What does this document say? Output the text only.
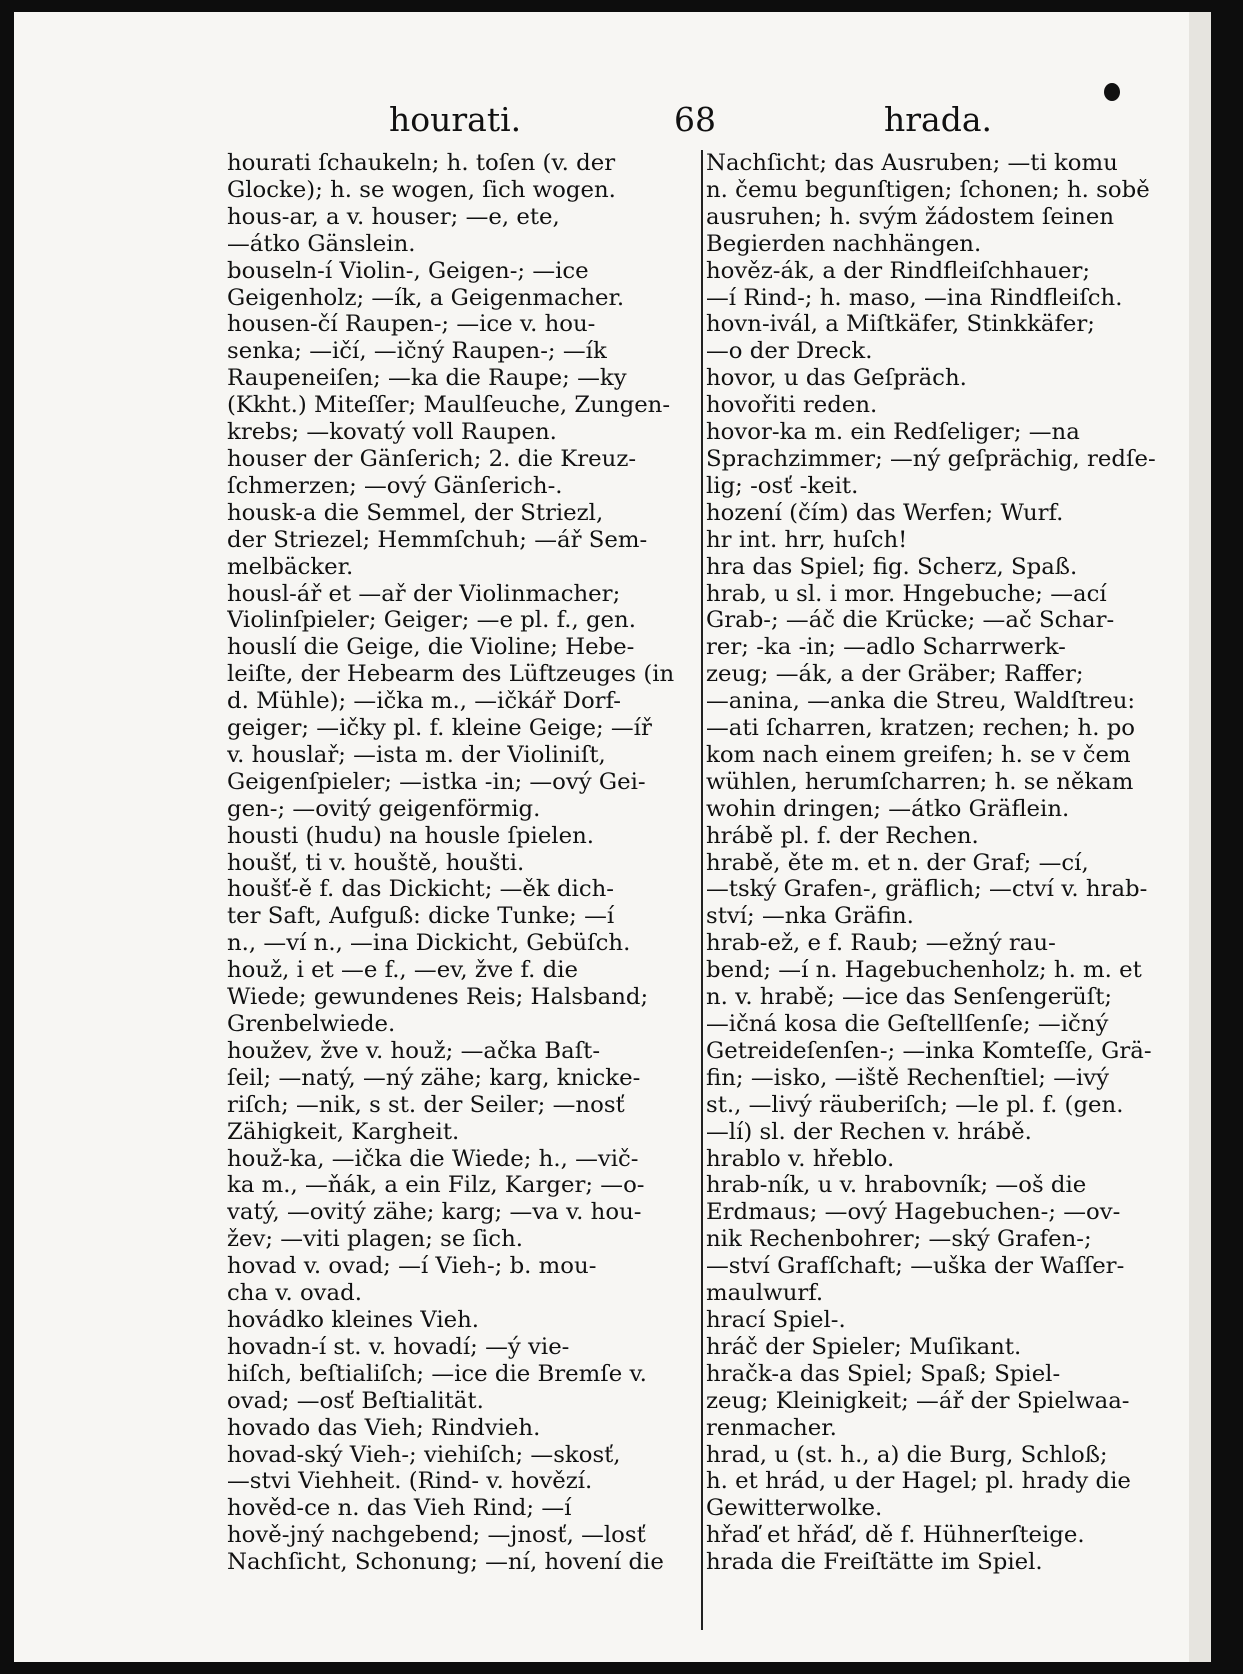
hourati.	68	hrada.
hourati ſchaukeln; h. toſen (v. der
Glocke); h. se wogen, ſich wogen.
hous-ar, a v. houser; —e, ete,
—átko Gänslein.
bouseln-í Violin-, Geigen-; —ice
Geigenholz; —ík, a Geigenmacher.
housen-čí Raupen-; —ice v. hou-
senka; —ičí, —ičný Raupen-; —ík
Raupeneiſen; —ka die Raupe; —ky
(Kkht.) Miteſſer; Maulſeuche, Zungen-
krebs; —kovatý voll Raupen.
houser der Gänſerich; 2. die Kreuz-
ſchmerzen; —ový Gänſerich-.
housk-a die Semmel, der Striezl,
der Striezel; Hemmſchuh; —ář Sem-
melbäcker.
housl-ář et —ař der Violinmacher;
Violinſpieler; Geiger; —e pl. f., gen.
houslí die Geige, die Violine; Hebe-
leiſte, der Hebearm des Lüftzeuges (in
d. Mühle); —ička m., —ičkář Dorf-
geiger; —ičky pl. f. kleine Geige; —íř
v. houslař; —ista m. der Violiniſt,
Geigenſpieler; —istka -in; —ový Gei-
gen-; —ovitý geigenförmig.
housti (hudu) na housle ſpielen.
houšť, ti v. houště, houšti.
houšť-ě f. das Dickicht; —ěk dich-
ter Saft, Aufguß: dicke Tunke; —í
n., —ví n., —ina Dickicht, Gebüſch.
houž, i et —e f., —ev, žve f. die
Wiede; gewundenes Reis; Halsband;
Grenbelwiede.
houžev, žve v. houž; —ačka Baſt-
ſeil; —natý, —ný zähe; karg, knicke-
riſch; —nik, s st. der Seiler; —nosť
Zähigkeit, Kargheit.
houž-ka, —ička die Wiede; h., —vič-
ka m., —ňák, a ein Filz, Karger; —o-
vatý, —ovitý zähe; karg; —va v. hou-
žev; —viti plagen; se ſich.
hovad v. ovad; —í Vieh-; b. mou-
cha v. ovad.
hovádko kleines Vieh.
hovadn-í st. v. hovadí; —ý vie-
hiſch, beſtialiſch; —ice die Bremſe v.
ovad; —osť Beſtialität.
hovado das Vieh; Rindvieh.
hovad-ský Vieh-; viehiſch; —skosť,
—stvi Viehheit. (Rind- v. hovězí.
hověd-ce n. das Vieh Rind; —í
hově-jný nachgebend; —jnosť, —losť
Nachſicht, Schonung; —ní, hovení die
Nachſicht; das Ausruben; —ti komu
n. čemu begunſtigen; ſchonen; h. sobě
ausruhen; h. svým žádostem ſeinen
Begierden nachhängen.
hověz-ák, a der Rindfleiſchhauer;
—í Rind-; h. maso, —ina Rindfleiſch.
hovn-ivál, a Miſtkäfer, Stinkkäfer;
—o der Dreck.
hovor, u das Geſpräch.
hovořiti reden.
hovor-ka m. ein Redſeliger; —na
Sprachzimmer; —ný geſprächig, redſe-
lig; -osť -keit.
hození (čím) das Werfen; Wurf.
hr int. hrr, huſch!
hra das Spiel; fig. Scherz, Spaß.
hrab, u sl. i mor. Hngebuche; —ací
Grab-; —áč die Krücke; —ač Schar-
rer; -ka -in; —adlo Scharrwerk-
zeug; —ák, a der Gräber; Raffer;
—anina, —anka die Streu, Waldſtreu:
—ati ſcharren, kratzen; rechen; h. po
kom nach einem greifen; h. se v čem
wühlen, herumſcharren; h. se někam
wohin dringen; —átko Gräflein.
hrábě pl. f. der Rechen.
hrabě, ěte m. et n. der Graf; —cí,
—tský Grafen-, gräflich; —ctví v. hrab-
ství; —nka Gräfin.
hrab-ež, e f. Raub; —ežný rau-
bend; —í n. Hagebuchenholz; h. m. et
n. v. hrabě; —ice das Senſengerüſt;
—ičná kosa die Geſtellſenſe; —ičný
Getreideſenſen-; —inka Komteſſe, Grä-
fin; —isko, —iště Rechenſtiel; —ivý
st., —livý räuberiſch; —le pl. f. (gen.
—lí) sl. der Rechen v. hrábě.
hrablo v. hřeblo.
hrab-ník, u v. hrabovník; —oš die
Erdmaus; —ový Hagebuchen-; —ov-
nik Rechenbohrer; —ský Grafen-;
—ství Grafſchaft; —uška der Waſſer-
maulwurf.
hrací Spiel-.
hráč der Spieler; Muſikant.
hračk-a das Spiel; Spaß; Spiel-
zeug; Kleinigkeit; —ář der Spielwaa-
renmacher.
hrad, u (st. h., a) die Burg, Schloß;
h. et hrád, u der Hagel; pl. hrady die
Gewitterwolke.
hřaď et hřáď, dě f. Hühnerſteige.
hrada die Freiſtätte im Spiel.
